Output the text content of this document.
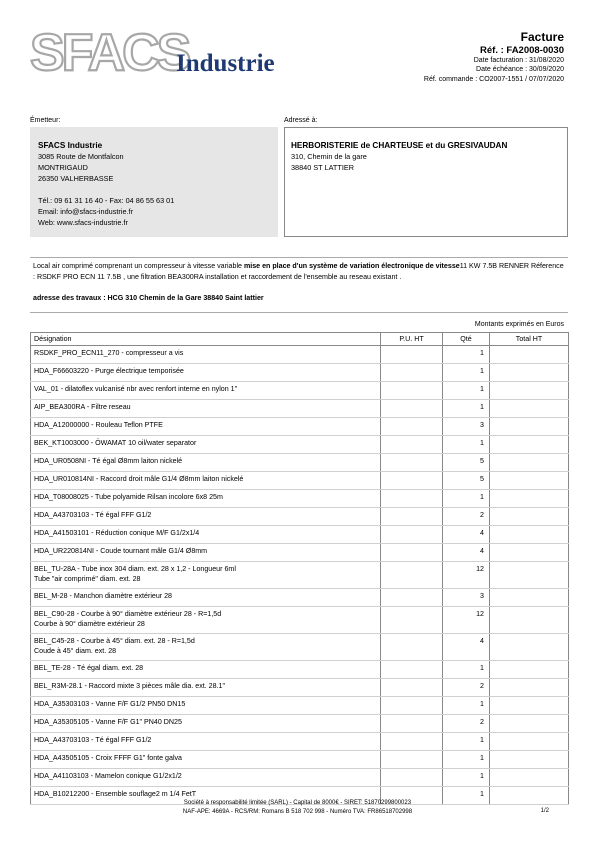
SFACS
Industrie
Facture
Réf. : FA2008-0030
Date facturation : 31/08/2020
Date échéance : 30/09/2020
Réf. commande : CO2007-1551 / 07/07/2020
Émetteur:	Adressé à:
SFACS Industrie
3085 Route de Montfalcon
MONTRIGAUD
26350 VALHERBASSE
Tél.: 09 61 31 16 40 - Fax: 04 86 55 63 01
Email: info@sfacs-industrie.fr
Web: www.sfacs-industrie.fr
HERBORISTERIE de CHARTEUSE et du GRESIVAUDAN
310, Chemin de la gare
38840 ST LATTIER
Local air comprimé comprenant un compresseur à vitesse variable mise en place d'un système de variation électronique de vitesse11 KW 7.5B RENNER Réference : RSDKF PRO ECN 11 7.5B , une filtration BEA300RA installation et raccordement de l'ensemble au reseau existant .
adresse des travaux : HCG 310 Chemin de la Gare 38840 Saint lattier
Montants exprimés en Euros
Désignation	P.U. HT	Qté	Total HT

RSDKF_PRO_ECN11_270 - compresseur a vis		1	

HDA_F66603220 - Purge électrique temporisée		1	

VAL_01 - dilatoflex vulcanisé nbr avec renfort interne en nylon 1"		1	

AIP_BEA300RA - Filtre reseau		1	

HDA_A12000000 - Rouleau Teflon PTFE		3	

BEK_KT1003000 - ÖWAMAT 10 oil/water separator		1	

HDA_UR0508NI - Té égal Ø8mm laiton nickelé		5	

HDA_UR010814NI - Raccord droit mâle G1/4 Ø8mm laiton nickelé		5	

HDA_T08008025 - Tube polyamide Rilsan incolore 6x8 25m		1	

HDA_A43703103 - Té égal FFF G1/2		2	

HDA_A41503101 - Réduction conique M/F G1/2x1/4		4	

HDA_UR220814NI - Coude tournant mâle G1/4 Ø8mm		4	

BEL_TU-28A - Tube inox 304 diam. ext. 28 x 1,2 - Longueur 6ml
Tube "air comprimé" diam. ext. 28		12	

BEL_M-28 - Manchon diamètre extérieur 28		3	

BEL_C90-28 - Courbe à 90° diamètre extérieur 28 - R=1,5d
Courbe à 90° diamètre extérieur 28		12	

BEL_C45-28 - Courbe à 45° diam. ext. 28 - R=1,5d
Coude à 45° diam. ext. 28		4	

BEL_TE-28 - Té égal diam. ext. 28		1	

BEL_R3M-28.1 - Raccord mixte 3 pièces mâle dia. ext. 28.1"		2	

HDA_A35303103 - Vanne F/F G1/2 PN50 DN15		1	

HDA_A35305105 - Vanne F/F G1" PN40 DN25		2	

HDA_A43703103 - Té égal FFF G1/2		1	

HDA_A43505105 - Croix FFFF G1" fonte galva		1	

HDA_A41103103 - Mamelon conique G1/2x1/2		1	

HDA_B10212200 - Ensemble souflage2 m 1/4 FetT		1	
Société à responsabilité limitée (SARL) - Capital de 8000€ - SIRET: 51870299800023
NAF-APE: 4669A - RCS/RM: Romans B 518 702 998 - Numéro TVA: FR86518702998	1/2
